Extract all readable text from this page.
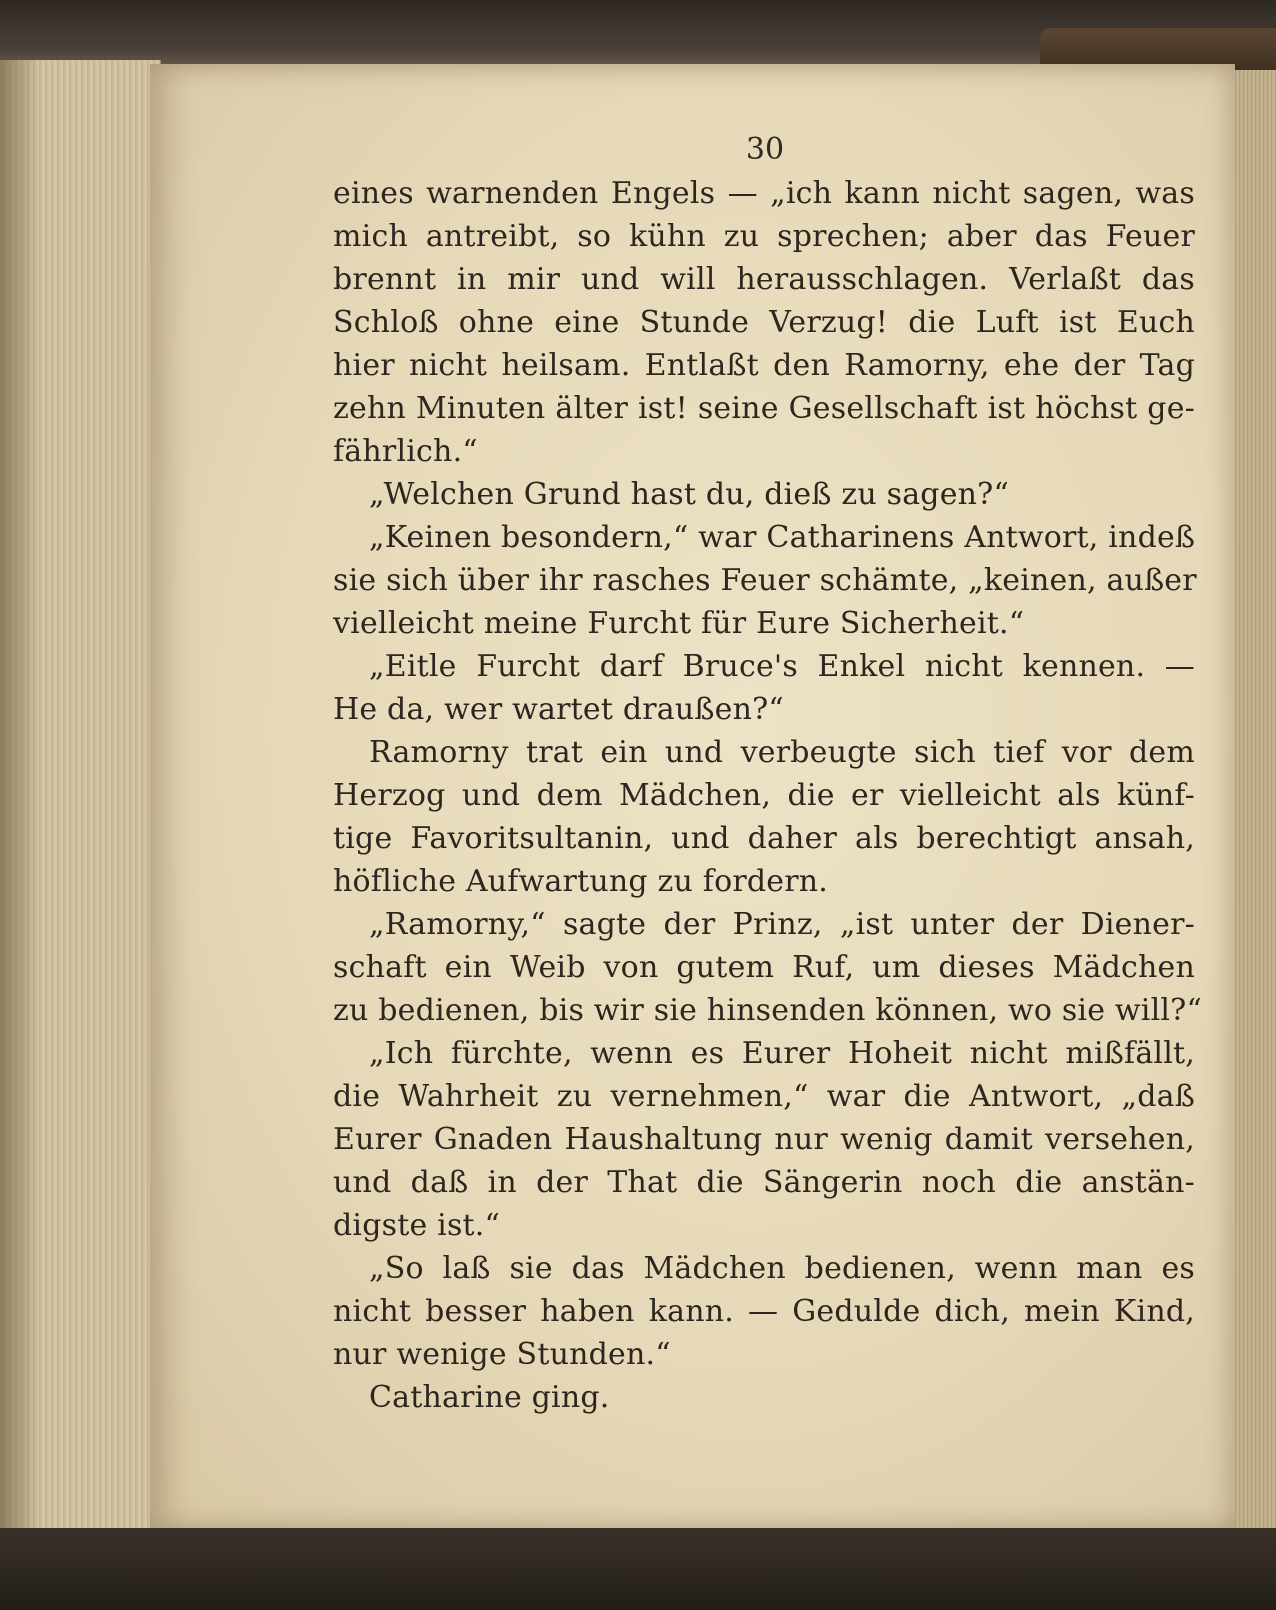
30
eines warnenden Engels — „ich kann nicht sagen, was
mich antreibt, so kühn zu sprechen; aber das Feuer
brennt in mir und will herausschlagen. Verlaßt das
Schloß ohne eine Stunde Verzug! die Luft ist Euch
hier nicht heilsam. Entlaßt den Ramorny, ehe der Tag
zehn Minuten älter ist! seine Gesellschaft ist höchst ge-
fährlich.“
„Welchen Grund hast du, dieß zu sagen?“
„Keinen besondern,“ war Catharinens Antwort, indeß
sie sich über ihr rasches Feuer schämte, „keinen, außer
vielleicht meine Furcht für Eure Sicherheit.“
„Eitle Furcht darf Bruce's Enkel nicht kennen. —
He da, wer wartet draußen?“
Ramorny trat ein und verbeugte sich tief vor dem
Herzog und dem Mädchen, die er vielleicht als künf-
tige Favoritsultanin, und daher als berechtigt ansah,
höfliche Aufwartung zu fordern.
„Ramorny,“ sagte der Prinz, „ist unter der Diener-
schaft ein Weib von gutem Ruf, um dieses Mädchen
zu bedienen, bis wir sie hinsenden können, wo sie will?“
„Ich fürchte, wenn es Eurer Hoheit nicht mißfällt,
die Wahrheit zu vernehmen,“ war die Antwort, „daß
Eurer Gnaden Haushaltung nur wenig damit versehen,
und daß in der That die Sängerin noch die anstän-
digste ist.“
„So laß sie das Mädchen bedienen, wenn man es
nicht besser haben kann. — Gedulde dich, mein Kind,
nur wenige Stunden.“
Catharine ging.
